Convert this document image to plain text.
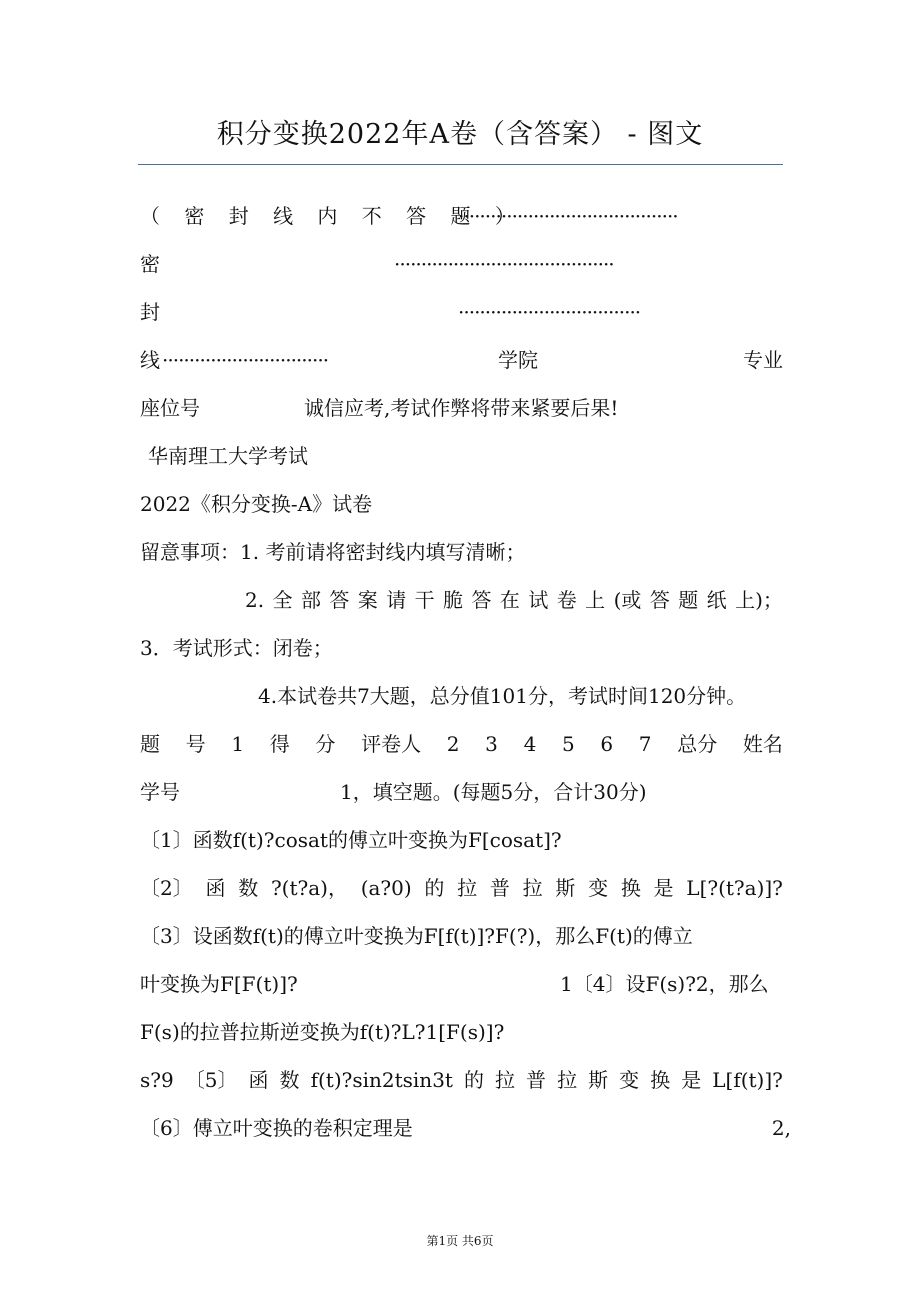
积分变换2022年A卷（含答案） - 图文
（ 密 封 线 内 不 答 题 ）
·········································
密	·········································
封	··································
线 ·······························	学院	专业
座位号	诚信应考,考试作弊将带来紧要后果!
华南理工大学考试
2022《积分变换-A》试卷
留意事项：1. 考前请将密封线内填写清晰；
2. 全 部 答 案 请 干 脆 答 在 试 卷 上 (或 答 题 纸 上)；
3．考试形式：闭卷；
4.本试卷共7大题，总分值101分，考试时间120分钟。
题 号 1 得 分 评卷人 2 3 4 5 6 7 总分 姓名
学号	1，填空题。(每题5分，合计30分)
〔1〕函数f(t)?cosat的傅立叶变换为F[cosat]?
〔2〕 函 数 ?(t?a)， (a?0) 的 拉 普 拉 斯 变 换 是 L[?(t?a)]?
〔3〕设函数f(t)的傅立叶变换为F[f(t)]?F(?)，那么F(t)的傅立
叶变换为F[F(t)]?	1〔4〕设F(s)?2，那么
F(s)的拉普拉斯逆变换为f(t)?L?1[F(s)]?
s?9 〔5〕 函 数 f(t)?sin2tsin3t 的 拉 普 拉 斯 变 换 是 L[f(t)]?
〔6〕傅立叶变换的卷积定理是	2,
第1页 共6页
